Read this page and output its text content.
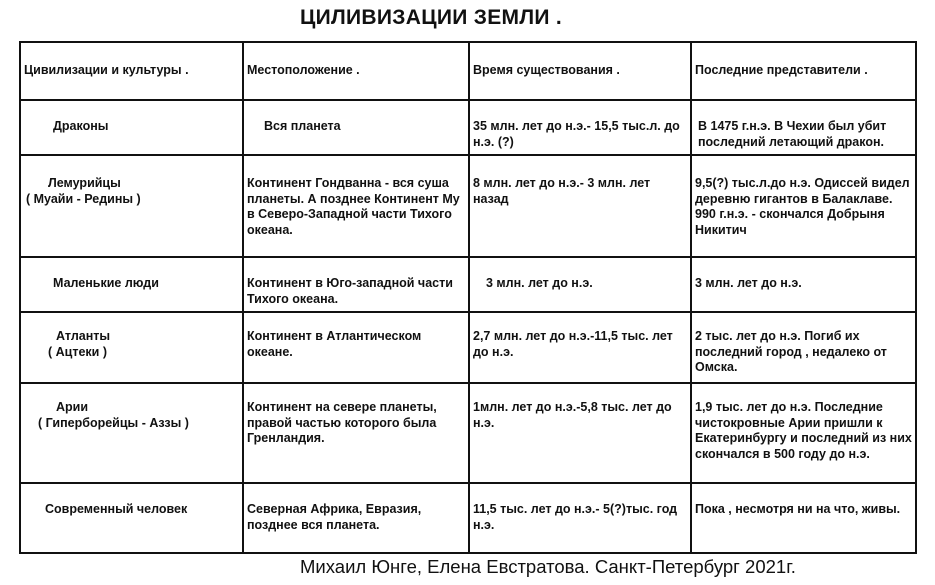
ЦИЛИВИЗАЦИИ ЗЕМЛИ .
Цивилизации и культуры .	Местоположение .	Время существования .	Последние представители .

Драконы	Вся планета	35 млн. лет до н.э.- 15,5 тыс.л. до н.э. (?)	В 1475 г.н.э. В Чехии был убит последний летающий дракон.

Лемурийцы
( Муайи - Редины )	Континент Гондванна - вся суша планеты. А позднее Континент Му в Северо-Западной части Тихого океана.	8 млн. лет до н.э.- 3 млн. лет назад	9,5(?) тыс.л.до н.э. Одиссей видел деревню гигантов в Балаклаве.
990 г.н.э. - скончался Добрыня Никитич

Маленькие люди	Континент в Юго-западной части Тихого океана.	3 млн. лет до н.э.	3 млн. лет до н.э.

Атланты
( Ацтеки )	Континент в Атлантическом океане.	2,7 млн. лет до н.э.-11,5 тыс. лет до н.э.	2 тыс. лет до н.э. Погиб их последний город , недалеко от Омска.

Арии
( Гиперборейцы - Аззы )	Континент на севере планеты, правой частью которого была Гренландия.	1млн. лет до н.э.-5,8 тыс. лет до н.э.	1,9 тыс. лет до н.э. Последние чистокровные Арии пришли к Екатеринбургу и последний из них скончался в 500 году до н.э.

Современный человек	Северная Африка, Евразия, позднее вся планета.	11,5 тыс. лет до н.э.- 5(?)тыс. год н.э.	Пока , несмотря ни на что, живы.
Михаил Юнге, Елена Евстратова. Санкт-Петербург 2021г.
